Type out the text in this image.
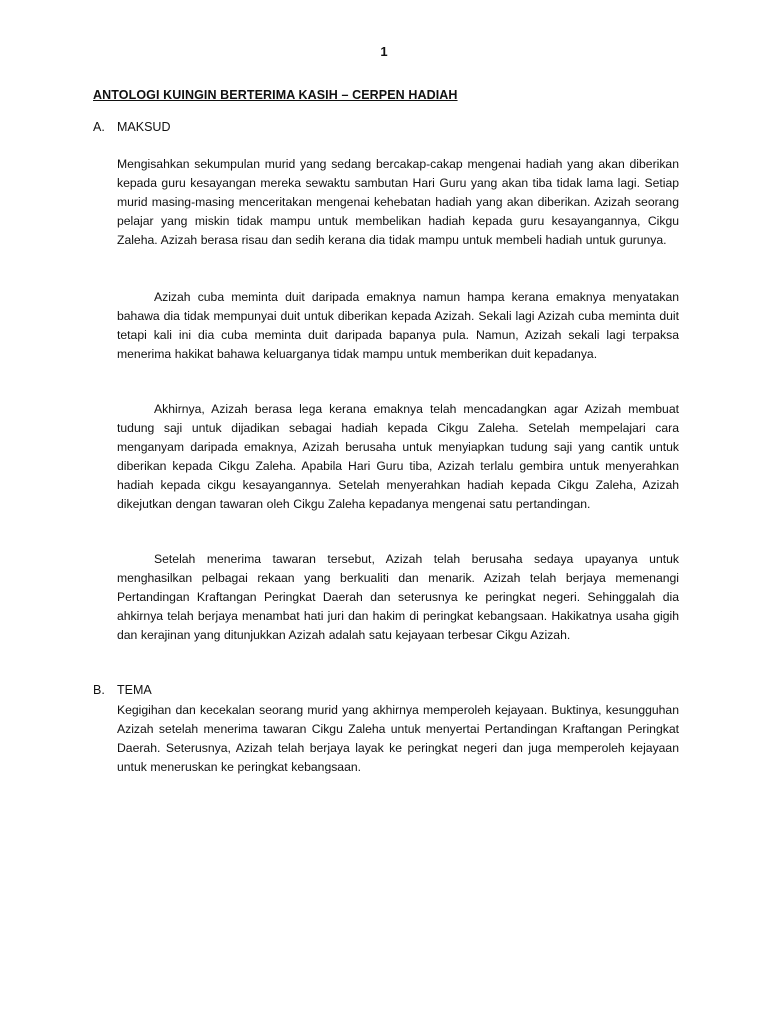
1
ANTOLOGI KUINGIN BERTERIMA KASIH – CERPEN HADIAH
A. MAKSUD

Mengisahkan sekumpulan murid yang sedang bercakap-cakap mengenai hadiah yang akan diberikan kepada guru kesayangan mereka sewaktu sambutan Hari Guru yang akan tiba tidak lama lagi. Setiap murid masing-masing menceritakan mengenai kehebatan hadiah yang akan diberikan. Azizah seorang pelajar yang miskin tidak mampu untuk membelikan hadiah kepada guru kesayangannya, Cikgu Zaleha. Azizah berasa risau dan sedih kerana dia tidak mampu untuk membeli hadiah untuk gurunya.

Azizah cuba meminta duit daripada emaknya namun hampa kerana emaknya menyatakan bahawa dia tidak mempunyai duit untuk diberikan kepada Azizah. Sekali lagi Azizah cuba meminta duit tetapi kali ini dia cuba meminta duit daripada bapanya pula. Namun, Azizah sekali lagi terpaksa menerima hakikat bahawa keluarganya tidak mampu untuk memberikan duit kepadanya.

Akhirnya, Azizah berasa lega kerana emaknya telah mencadangkan agar Azizah membuat tudung saji untuk dijadikan sebagai hadiah kepada Cikgu Zaleha. Setelah mempelajari cara menganyam daripada emaknya, Azizah berusaha untuk menyiapkan tudung saji yang cantik untuk diberikan kepada Cikgu Zaleha. Apabila Hari Guru tiba, Azizah terlalu gembira untuk menyerahkan hadiah kepada cikgu kesayangannya. Setelah menyerahkan hadiah kepada Cikgu Zaleha, Azizah dikejutkan dengan tawaran oleh Cikgu Zaleha kepadanya mengenai satu pertandingan.

Setelah menerima tawaran tersebut, Azizah telah berusaha sedaya upayanya untuk menghasilkan pelbagai rekaan yang berkualiti dan menarik. Azizah telah berjaya memenangi Pertandingan Kraftangan Peringkat Daerah dan seterusnya ke peringkat negeri. Sehinggalah dia ahkirnya telah berjaya menambat hati juri dan hakim di peringkat kebangsaan. Hakikatnya usaha gigih dan kerajinan yang ditunjukkan Azizah adalah satu kejayaan terbesar Cikgu Azizah.

B. TEMA

Kegigihan dan kecekalan seorang murid yang akhirnya memperoleh kejayaan. Buktinya, kesungguhan Azizah setelah menerima tawaran Cikgu Zaleha untuk menyertai Pertandingan Kraftangan Peringkat Daerah. Seterusnya, Azizah telah berjaya layak ke peringkat negeri dan juga memperoleh kejayaan untuk meneruskan ke peringkat kebangsaan.
